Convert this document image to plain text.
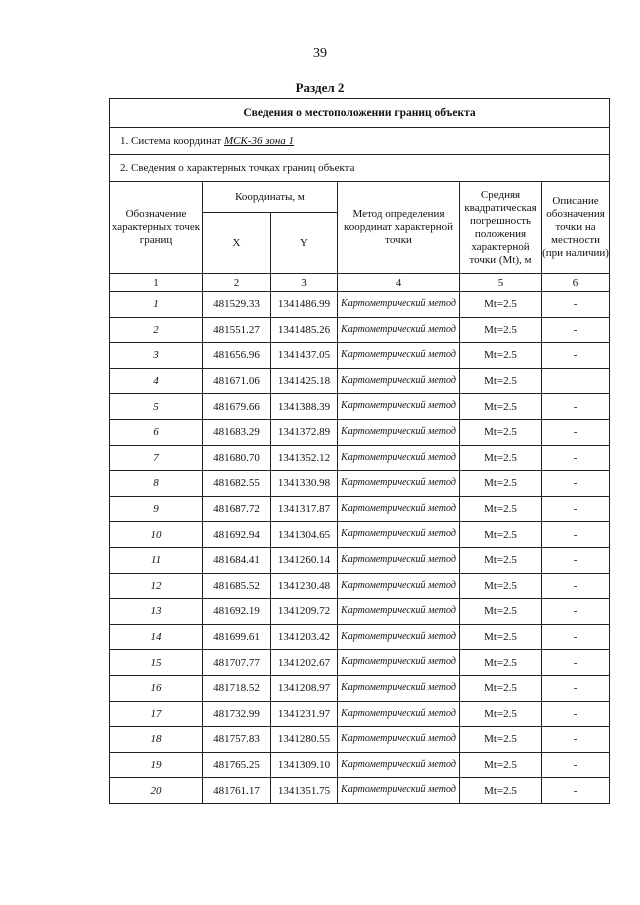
39
Раздел 2
Сведения о местоположении границ объекта					
1. Система координат МСК-36 зона 1					
2. Сведения о характерных точках границ объекта					
Обозначение характерных точек границ	Координаты, м		Метод определения координат характерной точки	Средняя квадратическая погрешность положения характерной точки (Mt), м	Описание обозначения точки на местности (при наличии)
	X	Y			
1	2	3	4	5	6
1	481529.33	1341486.99	Картометрический метод	Mt=2.5	-
2	481551.27	1341485.26	Картометрический метод	Mt=2.5	-
3	481656.96	1341437.05	Картометрический метод	Mt=2.5	-
4	481671.06	1341425.18	Картометрический метод	Mt=2.5	
5	481679.66	1341388.39	Картометрический метод	Mt=2.5	-
6	481683.29	1341372.89	Картометрический метод	Mt=2.5	-
7	481680.70	1341352.12	Картометрический метод	Mt=2.5	-
8	481682.55	1341330.98	Картометрический метод	Mt=2.5	-
9	481687.72	1341317.87	Картометрический метод	Mt=2.5	-
10	481692.94	1341304.65	Картометрический метод	Mt=2.5	-
11	481684.41	1341260.14	Картометрический метод	Mt=2.5	-
12	481685.52	1341230.48	Картометрический метод	Mt=2.5	-
13	481692.19	1341209.72	Картометрический метод	Mt=2.5	-
14	481699.61	1341203.42	Картометрический метод	Mt=2.5	-
15	481707.77	1341202.67	Картометрический метод	Mt=2.5	-
16	481718.52	1341208.97	Картометрический метод	Mt=2.5	-
17	481732.99	1341231.97	Картометрический метод	Mt=2.5	-
18	481757.83	1341280.55	Картометрический метод	Mt=2.5	-
19	481765.25	1341309.10	Картометрический метод	Mt=2.5	-
20	481761.17	1341351.75	Картометрический метод	Mt=2.5	-
